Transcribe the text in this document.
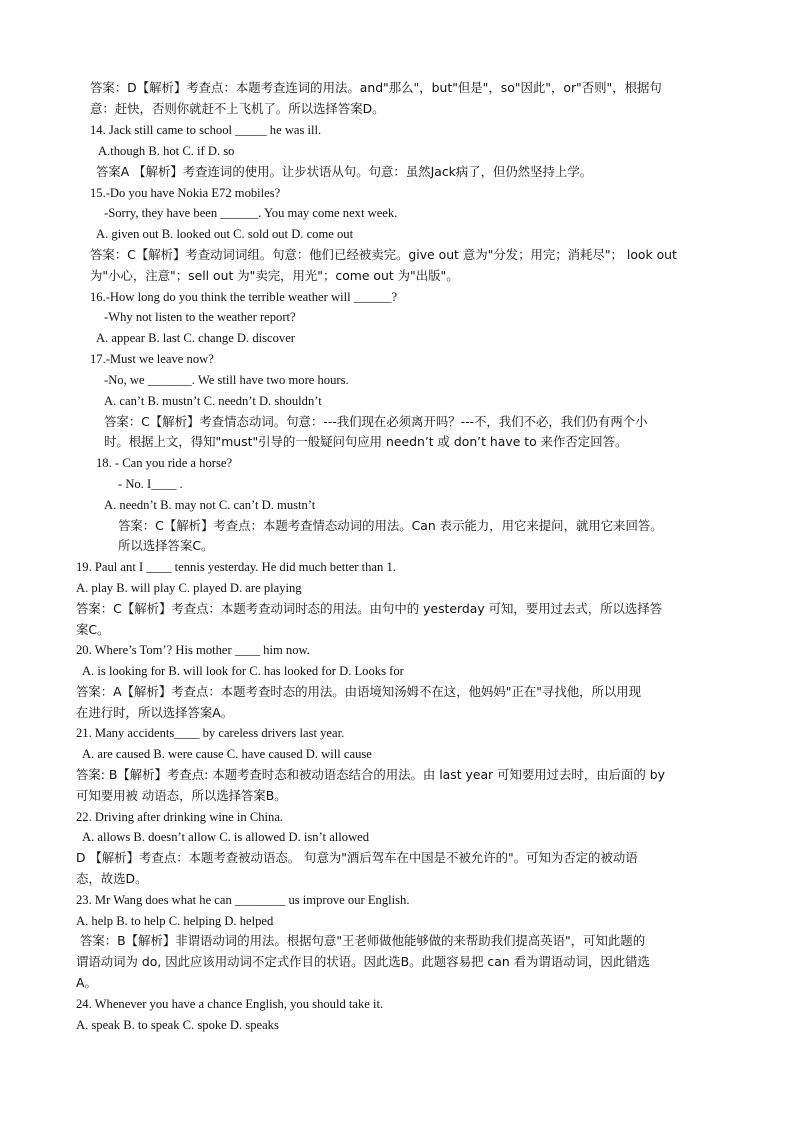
答案：D【解析】考查点：本题考查连词的用法。and"那么"，but"但是"，so"因此"，or"否则"，根据句
意：赶快，否则你就赶不上飞机了。所以选择答案D。
14. Jack still came to school _____ he was ill.
A.though B. hot C. if D. so
答案A 【解析】考查连词的使用。让步状语从句。句意：虽然Jack病了，但仍然坚持上学。
15.-Do you have Nokia E72 mobiles?
-Sorry, they have been ______. You may come next week.
A. given out B. looked out C. sold out D. come out
答案：C【解析】考查动词词组。句意：他们已经被卖完。give out 意为"分发；用完；消耗尽"； look out
为"小心，注意"；sell out 为"卖完，用光"；come out 为"出版"。
16.-How long do you think the terrible weather will ______?
-Why not listen to the weather report?
A. appear B. last C. change D. discover
17.-Must we leave now?
-No, we _______. We still have two more hours.
A. can’t B. mustn’t C. needn’t D. shouldn’t
答案：C【解析】考查情态动词。句意：---我们现在必须离开吗？---不，我们不必，我们仍有两个小
时。根据上文，得知"must"引导的一般疑问句应用 needn’t 或 don’t have to 来作否定回答。
18. - Can you ride a horse?
- No. I____ .
A. needn’t B. may not C. can’t D. mustn’t
答案：C【解析】考查点：本题考查情态动词的用法。Can 表示能力，用它来提问，就用它来回答。
所以选择答案C。
19. Paul ant I ____ tennis yesterday. He did much better than 1.
A. play B. will play C. played D. are playing
答案：C【解析】考查点：本题考查动词时态的用法。由句中的 yesterday 可知，要用过去式，所以选择答
案C。
20. Where’s Tom’? His mother ____ him now.
A. is looking for B. will look for C. has looked for D. Looks for
答案：A【解析】考查点：本题考查时态的用法。由语境知汤姆不在这，他妈妈"正在"寻找他，所以用现
在进行时，所以选择答案A。
21. Many accidents____ by careless drivers last year.
A. are caused B. were cause C. have caused D. will cause
答案: B【解析】考查点: 本题考查时态和被动语态结合的用法。由 last year 可知要用过去时，由后面的 by
可知要用被 动语态，所以选择答案B。
22. Driving after drinking wine in China.
A. allows B. doesn’t allow C. is allowed D. isn’t allowed
D 【解析】考查点：本题考查被动语态。 句意为"酒后驾车在中国是不被允许的"。可知为否定的被动语
态，故选D。
23. Mr Wang does what he can ________ us improve our English.
A. help B. to help C. helping D. helped
答案：B【解析】非谓语动词的用法。根据句意"王老师做他能够做的来帮助我们提高英语"，可知此题的
谓语动词为 do, 因此应该用动词不定式作目的状语。因此选B。此题容易把 can 看为谓语动词，因此错选
A。
24. Whenever you have a chance English, you should take it.
A. speak B. to speak C. spoke D. speaks
